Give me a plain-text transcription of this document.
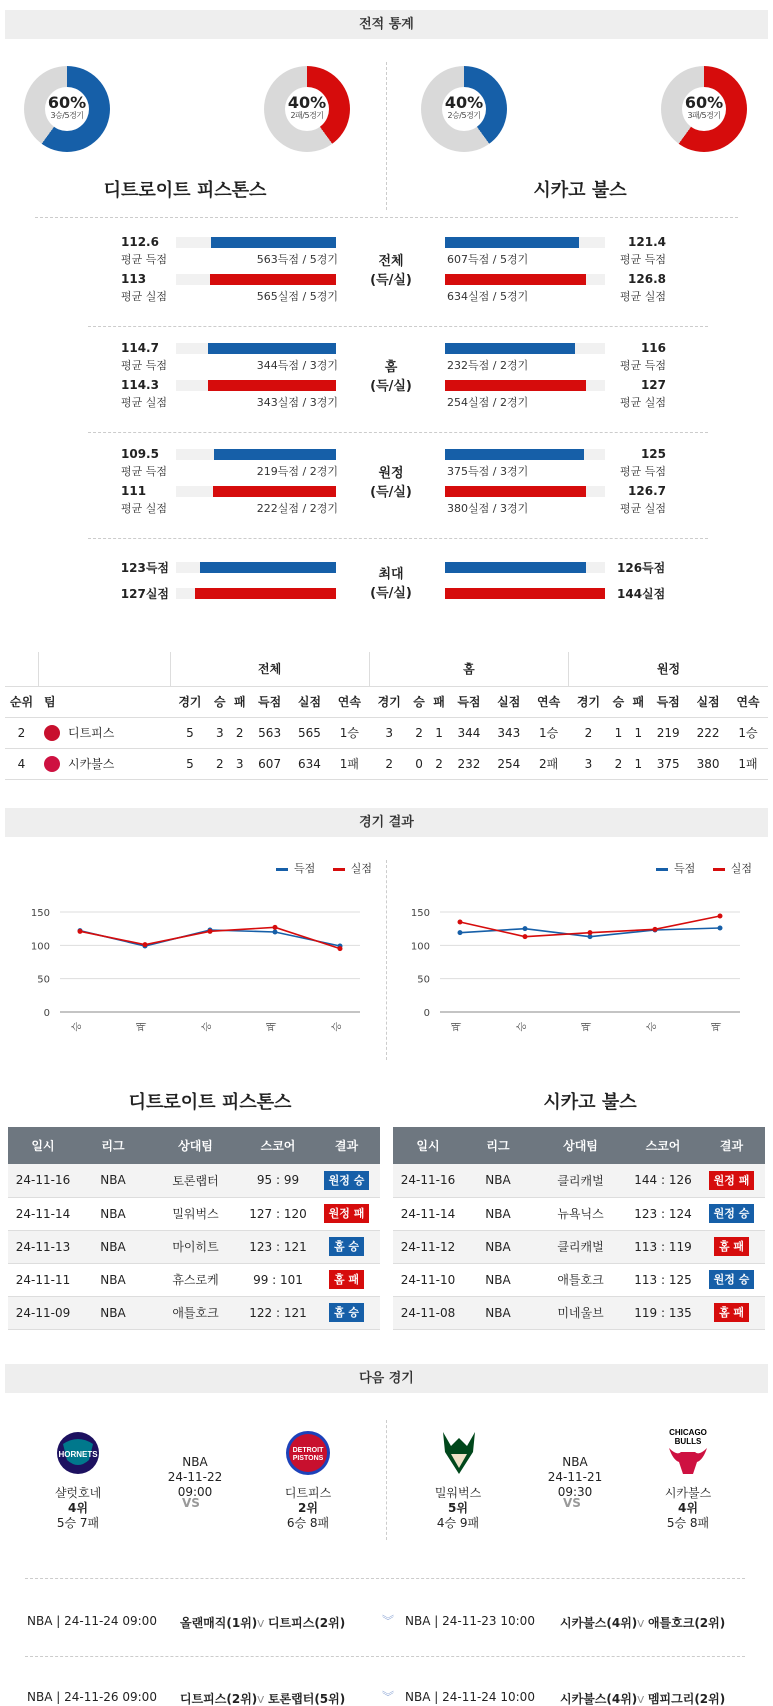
전적 통계
60%
3승/5경기
40%
2패/5경기
40%
2승/5경기
60%
3패/5경기
디트로이트 피스톤스	시카고 불스
112.6
평균 득점	563득점 / 5경기	607득점 / 5경기
121.4
평균 득점
113
평균 실점	565실점 / 5경기	634실점 / 5경기
126.8
평균 실점
전체
(득/실)
114.7
평균 득점	344득점 / 3경기	232득점 / 2경기
116
평균 득점
114.3
평균 실점	343실점 / 3경기	254실점 / 2경기
127
평균 실점
홈
(득/실)
109.5
평균 득점	219득점 / 2경기	375득점 / 3경기
125
평균 득점
111
평균 실점	222실점 / 2경기	380실점 / 3경기
126.7
평균 실점
원정
(득/실)
123득점	126득점
127실점	144실점
최대
(득/실)
		전체						홈						원정					
순위	팀	경기	승	패	득점	실점	연속	경기	승	패	득점	실점	연속	경기	승	패	득점	실점	연속
2	디트피스	5	3	2	563	565	1승	3	2	1	344	343	1승	2	1	1	219	222	1승
4	시카불스	5	2	3	607	634	1패	2	0	2	232	254	2패	3	2	1	375	380	1패
경기 결과
득점	실점	득점	실점
150
100
50
0
승	패	승	패	승
150
100
50
0
패	승	패	승	패
디트로이트 피스톤스	시카고 불스
일시	리그	상대팀	스코어	결과
24-11-16	NBA	토론랩터	95 : 99	원정 승
24-11-14	NBA	밀워벅스	127 : 120	원정 패
24-11-13	NBA	마이히트	123 : 121	홈 승
24-11-11	NBA	휴스로케	99 : 101	홈 패
24-11-09	NBA	애틀호크	122 : 121	홈 승
일시	리그	상대팀	스코어	결과
24-11-16	NBA	클리캐벌	144 : 126	원정 패
24-11-14	NBA	뉴욕닉스	123 : 124	원정 승
24-11-12	NBA	클리캐벌	113 : 119	홈 패
24-11-10	NBA	애틀호크	113 : 125	원정 승
24-11-08	NBA	미네울브	119 : 135	홈 패
다음 경기
HORNETS
샬럿호네
4위
5승 7패
NBA
24-11-22 09:00
VS
DETROIT
PISTONS
디트피스
2위
6승 8패
밀워벅스
5위
4승 9패
NBA
24-11-21 09:30
VS
CHICAGO
BULLS
시카불스
4위
5승 8패
NBA | 24-11-24 09:00 올랜매직(1위)V 디트피스(2위)	︾ NBA | 24-11-23 10:00 시카불스(4위)V 애틀호크(2위)
NBA | 24-11-26 09:00 디트피스(2위)V 토론랩터(5위)	︾ NBA | 24-11-24 10:00 시카불스(4위)V 멤피그리(2위)
